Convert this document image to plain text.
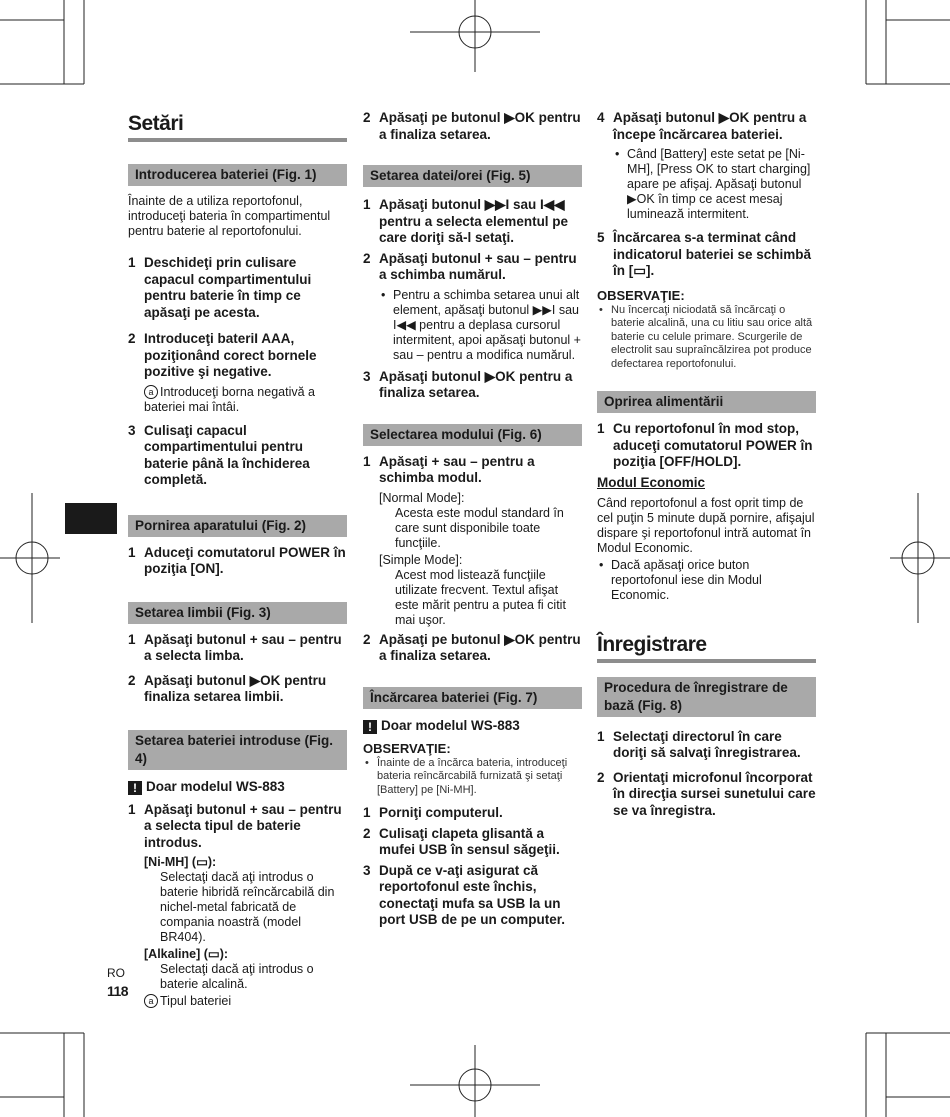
Setări
Introducerea bateriei (Fig. 1)
Înainte de a utiliza reportofonul, introduceţi bateria în compartimentul pentru baterie al reportofonului.
1 Deschideţi prin culisare capacul compartimentului pentru baterie în timp ce apăsaţi pe acesta.
2 Introduceţi bateriI AAA, poziţionând corect bornele pozitive şi negative.
a Introduceţi borna negativă a bateriei mai întâi.
3 Culisaţi capacul compartimentului pentru baterie până la închiderea completă.
Pornirea aparatului (Fig. 2)
1 Aduceţi comutatorul POWER în poziţia [ON].
Setarea limbii (Fig. 3)
1 Apăsaţi butonul + sau – pentru a selecta limba.
2 Apăsaţi butonul ▶OK pentru finaliza setarea limbii.
Setarea bateriei introduse (Fig. 4)
! Doar modelul WS-883
1 Apăsaţi butonul + sau – pentru a selecta tipul de baterie introdus.
[Ni-MH] (▭):
Selectaţi dacă aţi introdus o baterie hibridă reîncărcabilă din nichel-metal fabricată de compania noastră (model BR404).
[Alkaline] (▭):
Selectaţi dacă aţi introdus o baterie alcalină.
a Tipul bateriei
2 Apăsaţi pe butonul ▶OK pentru a finaliza setarea.
Setarea datei/orei (Fig. 5)
1 Apăsaţi butonul ▶▶I sau I◀◀ pentru a selecta elementul pe care doriţi să-l setaţi.
2 Apăsaţi butonul + sau – pentru a schimba numărul.
• Pentru a schimba setarea unui alt element, apăsaţi butonul ▶▶I sau I◀◀ pentru a deplasa cursorul intermitent, apoi apăsaţi butonul + sau – pentru a modifica numărul.
3 Apăsaţi butonul ▶OK pentru a finaliza setarea.
Selectarea modului (Fig. 6)
1 Apăsaţi + sau – pentru a schimba modul.
[Normal Mode]:
Acesta este modul standard în care sunt disponibile toate funcţiile.
[Simple Mode]:
Acest mod listează funcţiile utilizate frecvent. Textul afişat este mărit pentru a putea fi citit mai uşor.
2 Apăsaţi pe butonul ▶OK pentru a finaliza setarea.
Încărcarea bateriei (Fig. 7)
! Doar modelul WS-883
OBSERVAŢIE:
• Înainte de a încărca bateria, introduceţi bateria reîncărcabilă furnizată şi setaţi [Battery] pe [Ni-MH].
1 Porniţi computerul.
2 Culisaţi clapeta glisantă a mufei USB în sensul săgeţii.
3 După ce v-aţi asigurat că reportofonul este închis, conectaţi mufa sa USB la un port USB de pe un computer.
4 Apăsaţi butonul ▶OK pentru a începe încărcarea bateriei.
• Când [Battery] este setat pe [Ni-MH], [Press OK to start charging] apare pe afişaj. Apăsaţi butonul ▶OK în timp ce acest mesaj luminează intermitent.
5 Încărcarea s-a terminat când indicatorul bateriei se schimbă în [▭].
OBSERVAŢIE:
• Nu încercaţi niciodată să încărcaţi o baterie alcalină, una cu litiu sau orice altă baterie cu celule primare. Scurgerile de electrolit sau supraîncălzirea pot produce defectarea reportofonului.
Oprirea alimentării
1 Cu reportofonul în mod stop, aduceţi comutatorul POWER în poziţia [OFF/HOLD].
Modul Economic
Când reportofonul a fost oprit timp de cel puţin 5 minute după pornire, afişajul dispare şi reportofonul intră automat în Modul Economic.
• Dacă apăsaţi orice buton reportofonul iese din Modul Economic.
Înregistrare
Procedura de înregistrare de bază (Fig. 8)
1 Selectaţi directorul în care doriţi să salvaţi înregistrarea.
2 Orientaţi microfonul încorporat în direcţia sursei sunetului care se va înregistra.
RO
118
